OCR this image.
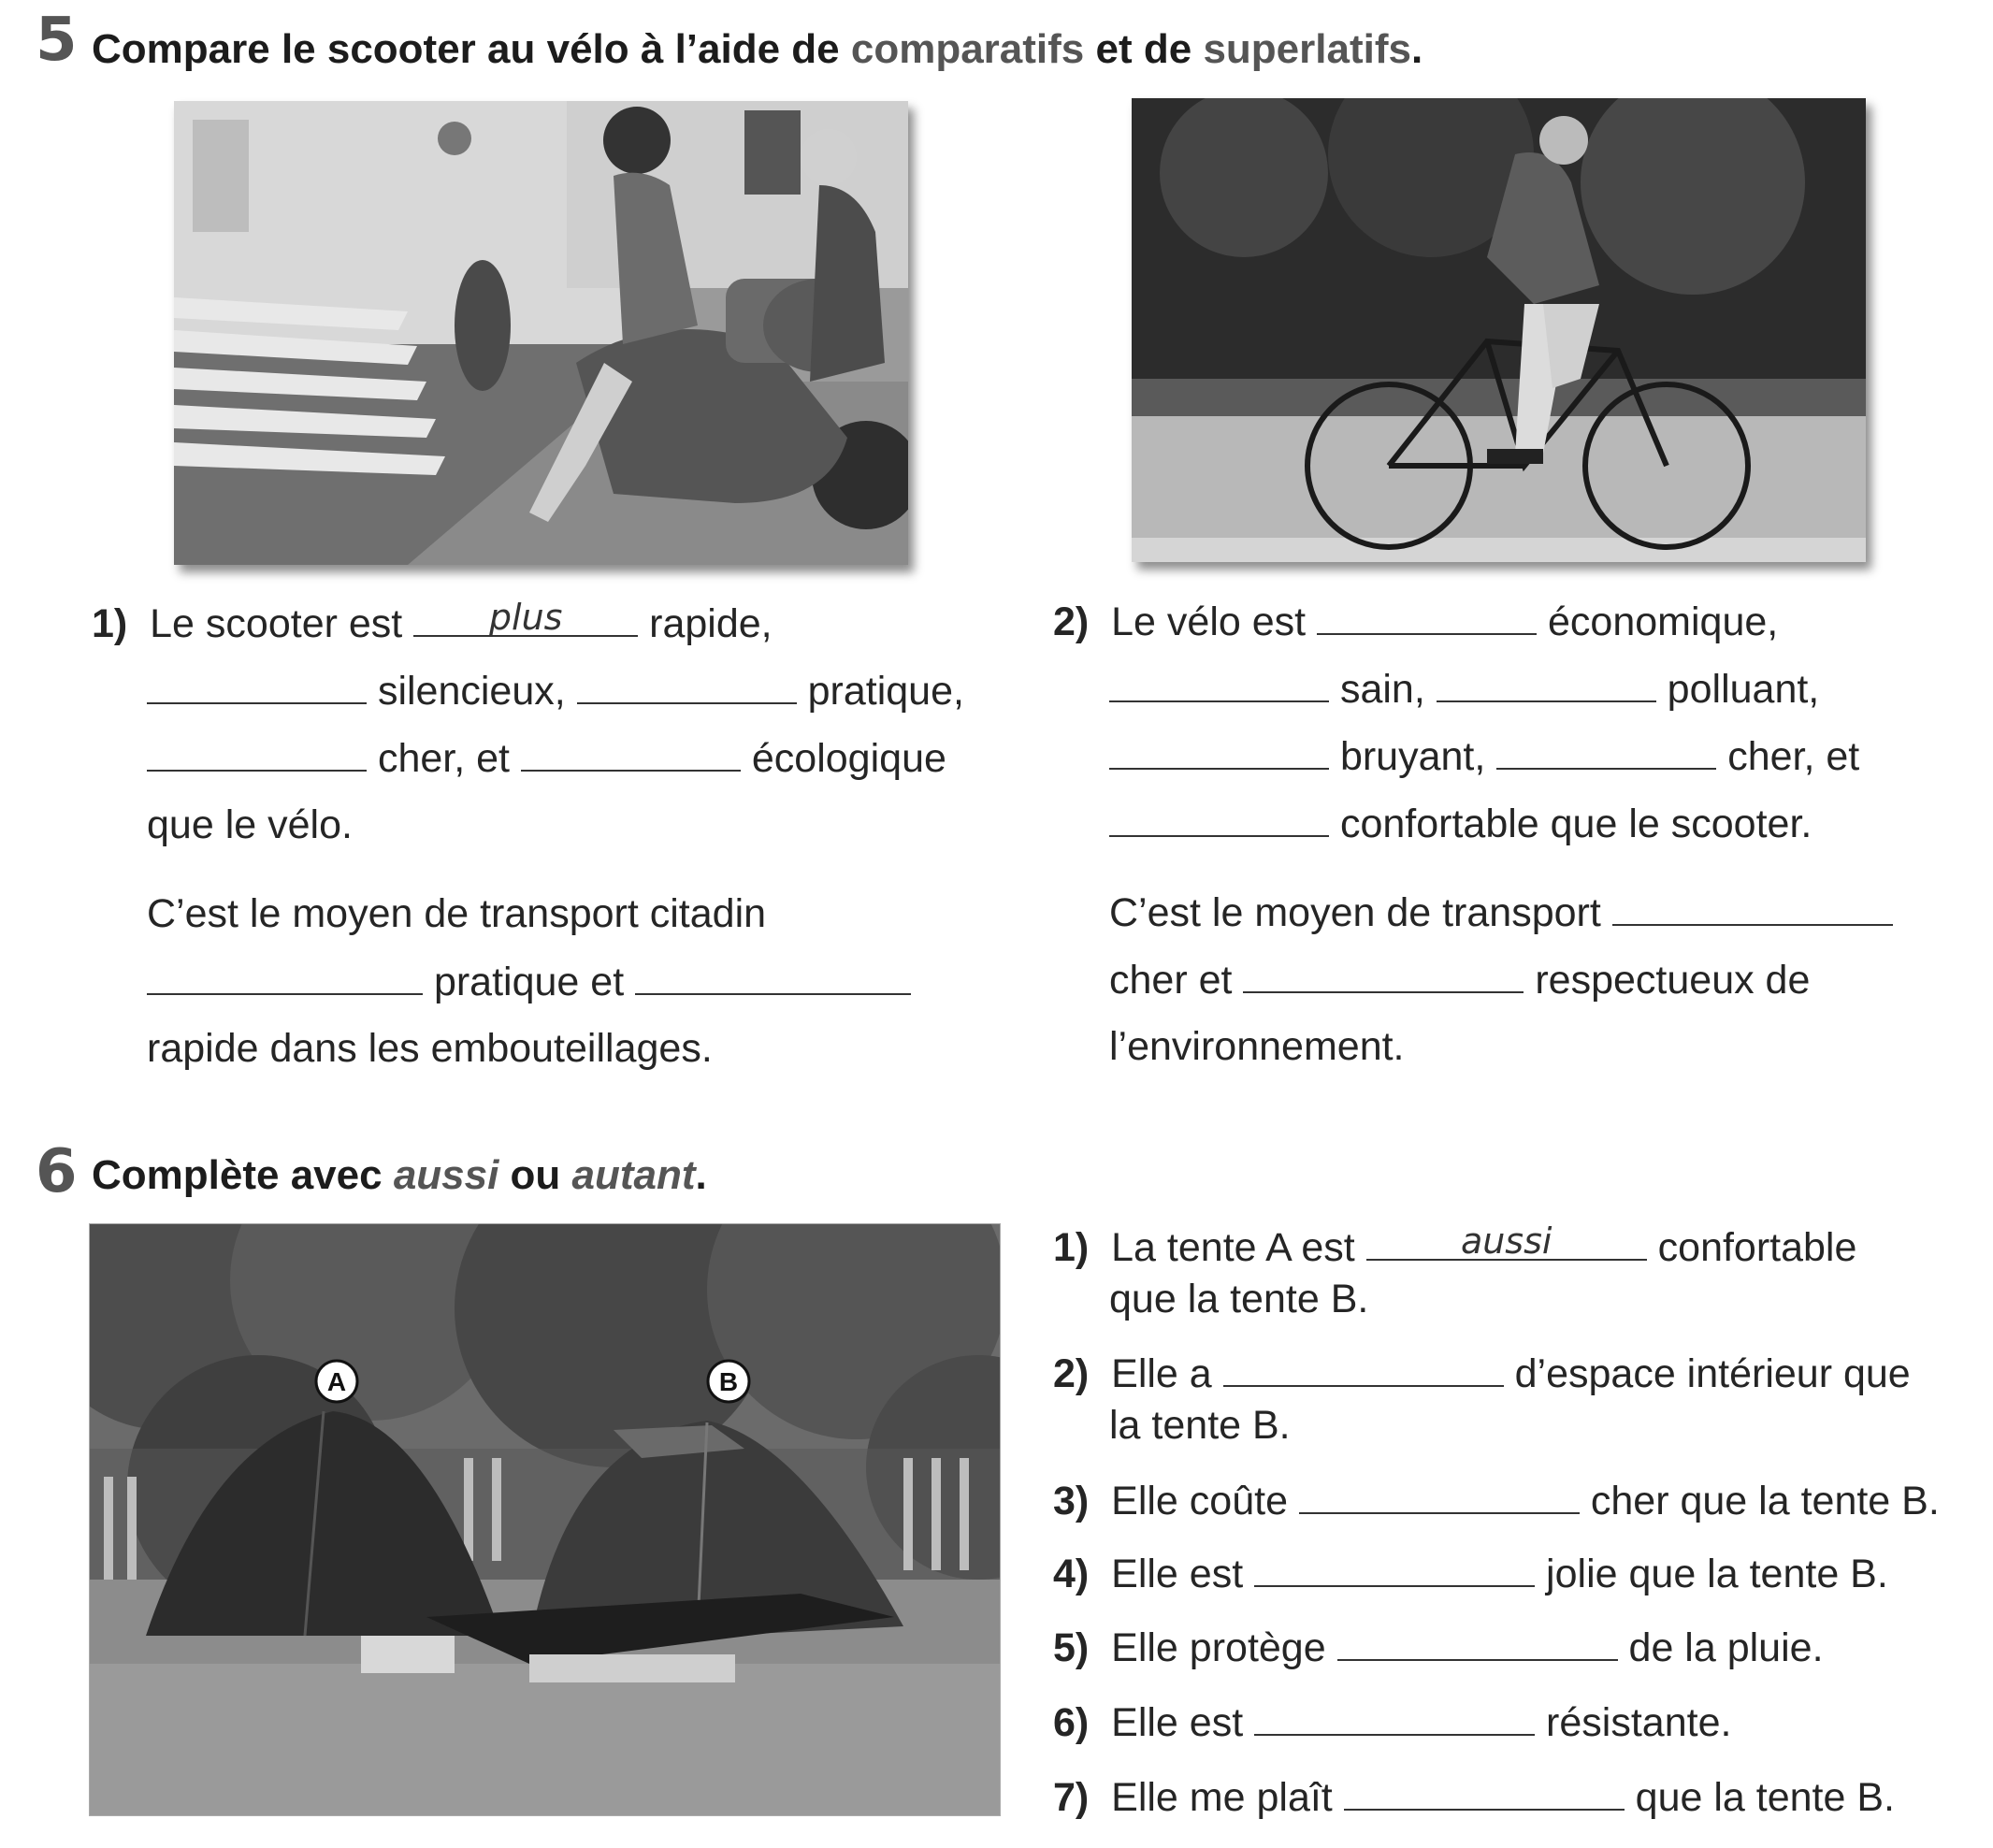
5 Compare le scooter au vélo à l’aide de comparatifs et de superlatifs.
1) Le scooter est	plus	rapide,
silencieux,	pratique,
cher, et	écologique
que le vélo.
C’est le moyen de transport citadin
pratique et
rapide dans les embouteillages.
2) Le vélo est	économique,
sain,	polluant,
bruyant,	cher, et
confortable que le scooter.
C’est le moyen de transport
cher et	respectueux de
l’environnement.
6 Complète avec aussi ou autant.
A	B
1) La tente A est	aussi	confortable
que la tente B.
2) Elle a	d’espace intérieur que
la tente B.
3) Elle coûte	cher que la tente B.
4) Elle est	jolie que la tente B.
5) Elle protège	de la pluie.
6) Elle est	résistante.
7) Elle me plaît	que la tente B.
